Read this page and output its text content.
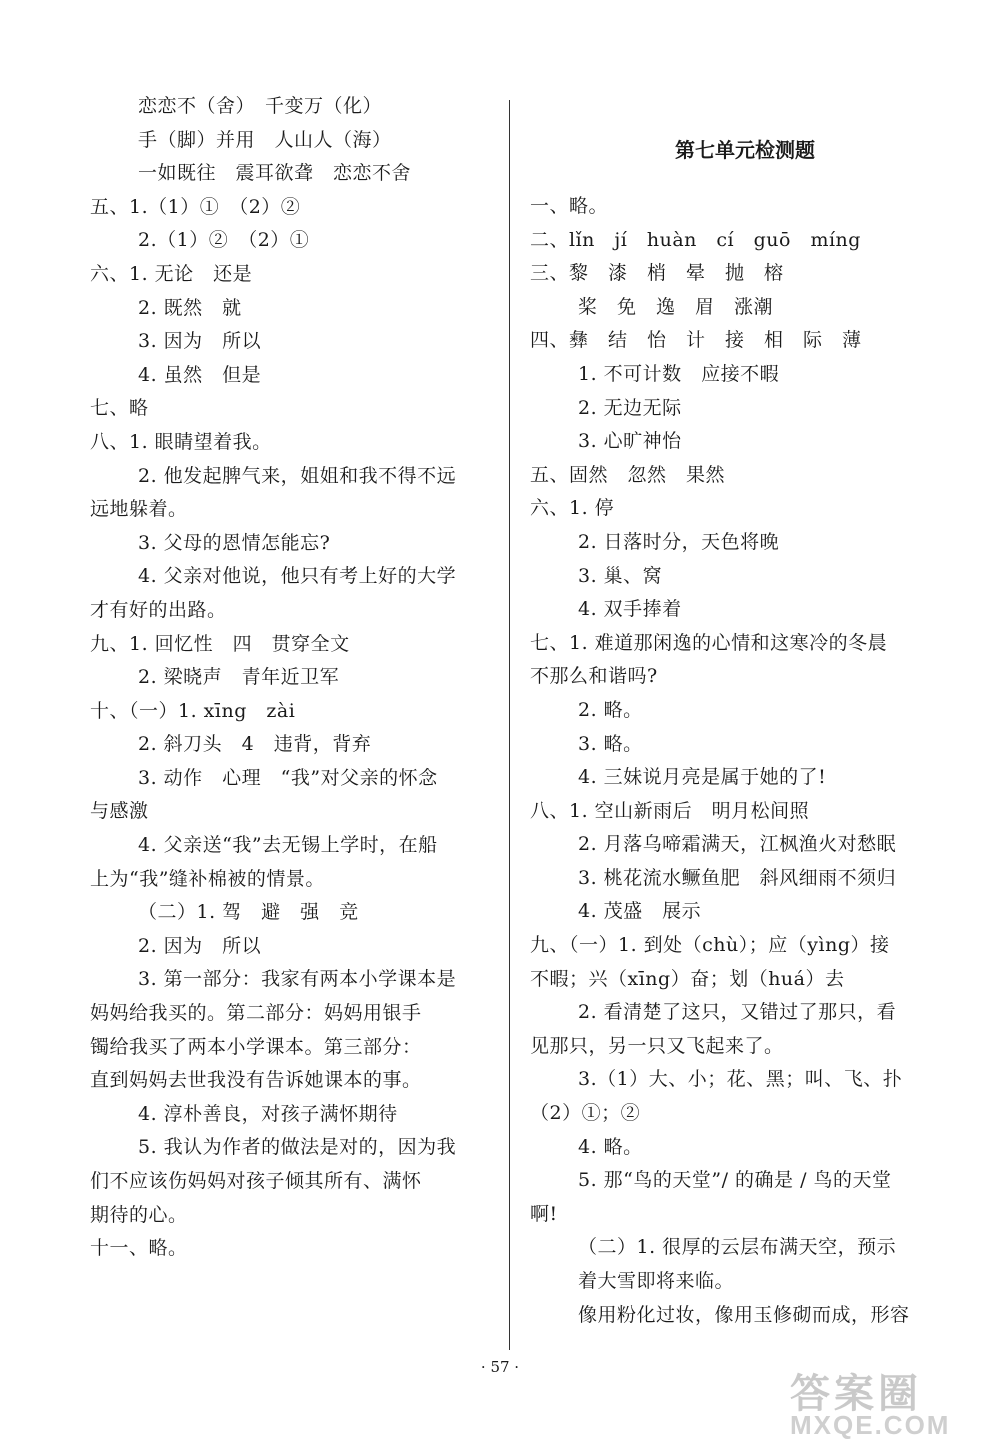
恋恋不（舍）　千变万（化）
手（脚）并用　人山人（海）
一如既往　震耳欲聋　恋恋不舍
五、1.（1）①　（2）②
2.（1）②　（2）①
六、1. 无论　还是
2. 既然　就
3. 因为　所以
4. 虽然　但是
七、略
八、1. 眼睛望着我。
2. 他发起脾气来，姐姐和我不得不远
远地躲着。
3. 父母的恩情怎能忘?
4. 父亲对他说，他只有考上好的大学
才有好的出路。
九、1. 回忆性　四　贯穿全文
2. 梁晓声　青年近卫军
十、（一）1. xīng　zài
2. 斜刀头　4　违背，背弃
3. 动作　心理　“我”对父亲的怀念
与感激
4. 父亲送“我”去无锡上学时，在船
上为“我”缝补棉被的情景。
（二）1. 驾　避　强　竞
2. 因为　所以
3. 第一部分：我家有两本小学课本是
妈妈给我买的。第二部分：妈妈用银手
镯给我买了两本小学课本。第三部分：
直到妈妈去世我没有告诉她课本的事。
4. 淳朴善良，对孩子满怀期待
5. 我认为作者的做法是对的，因为我
们不应该伤妈妈对孩子倾其所有、满怀
期待的心。
十一、略。
第七单元检测题
一、略。
二、lǐn　jí　huàn　cí　guō　míng
三、黎　漆　梢　晕　抛　榕
桨　免　逸　眉　涨潮
四、彝　结　怡　计　接　相　际　薄
1. 不可计数　应接不暇
2. 无边无际
3. 心旷神怡
五、固然　忽然　果然
六、1. 停
2. 日落时分，天色将晚
3. 巢、窝
4. 双手捧着
七、1. 难道那闲逸的心情和这寒冷的冬晨
不那么和谐吗?
2. 略。
3. 略。
4. 三妹说月亮是属于她的了!
八、1. 空山新雨后　明月松间照
2. 月落乌啼霜满天，江枫渔火对愁眠
3. 桃花流水鳜鱼肥　斜风细雨不须归
4. 茂盛　展示
九、（一）1. 到处（chù）；应（yìng）接
不暇；兴（xīng）奋；划（huá）去
2. 看清楚了这只，又错过了那只，看
见那只，另一只又飞起来了。
3.（1）大、小；花、黑；叫、飞、扑
（2）①；②
4. 略。
5. 那“鸟的天堂”/ 的确是 / 鸟的天堂
啊!
（二）1. 很厚的云层布满天空，预示
着大雪即将来临。
像用粉化过妆，像用玉修砌而成，形容
· 57 ·
答案圈
MXQE.COM
